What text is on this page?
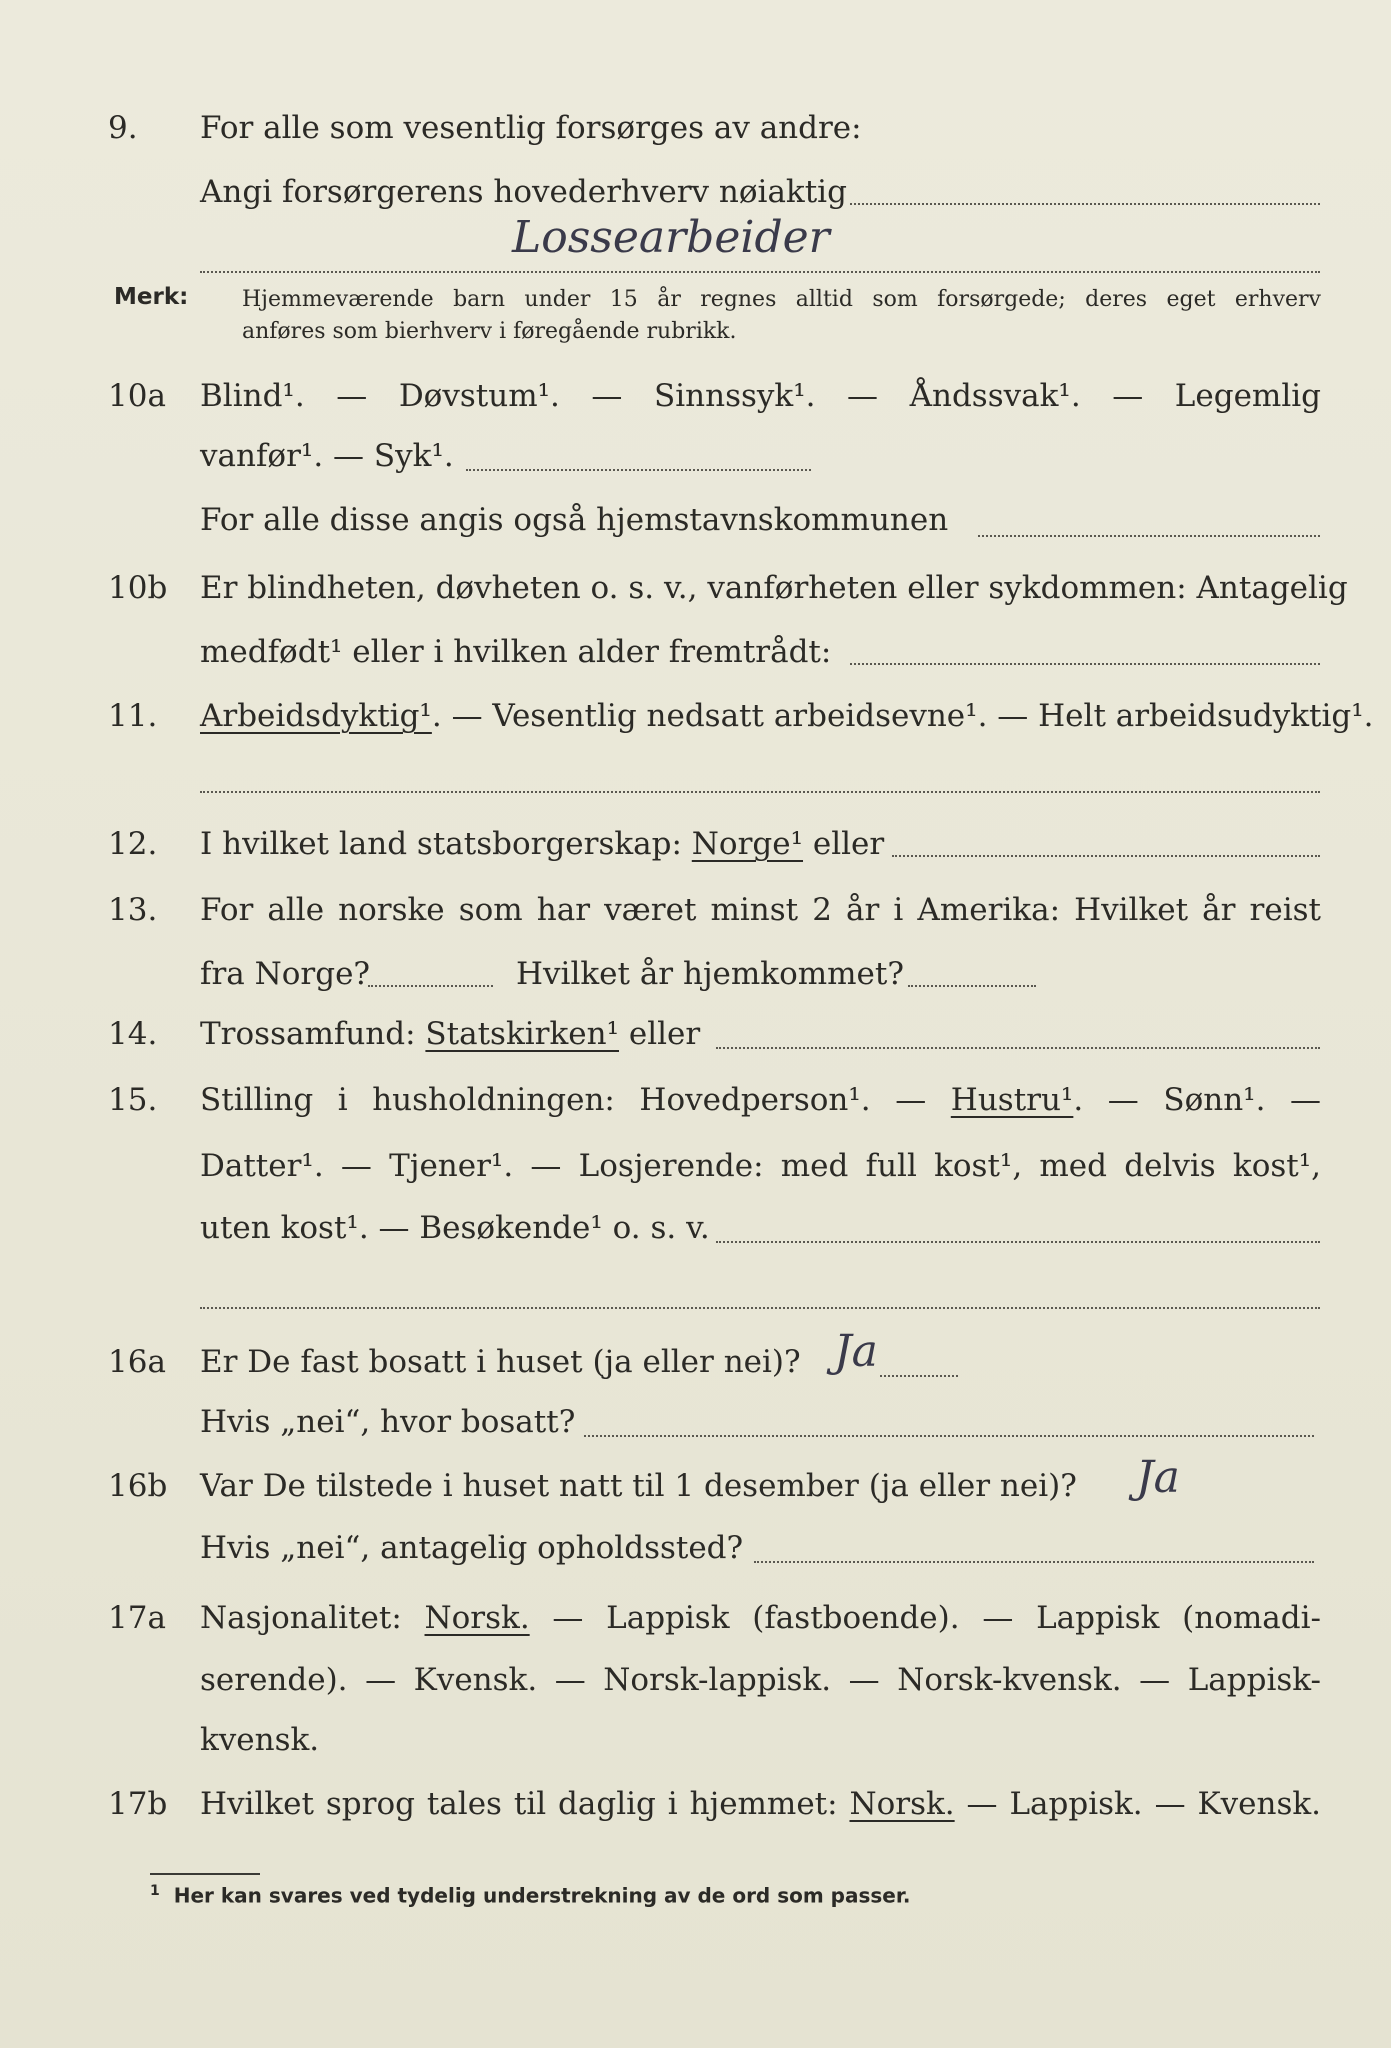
9.	For alle som vesentlig forsørges av andre:
Angi forsørgerens hovederhverv nøiaktig
Lossearbeider
Merk: Hjemmeværende barn under 15 år regnes alltid som forsørgede; deres eget erhverv
anføres som bierhverv i føregående rubrikk.
10a	Blind¹. — Døvstum¹. — Sinnssyk¹. — Åndssvak¹. — Legemlig
vanfør¹. — Syk¹.
For alle disse angis også hjemstavnskommunen
10b	Er blindheten, døvheten o. s. v., vanførheten eller sykdommen: Antagelig
medfødt¹ eller i hvilken alder fremtrådt:
11.	Arbeidsdyktig¹. — Vesentlig nedsatt arbeidsevne¹. — Helt arbeidsudyktig¹.
12.	I hvilket land statsborgerskap: Norge¹ eller
13.	For alle norske som har været minst 2 år i Amerika: Hvilket år reist
fra Norge?	Hvilket år hjemkommet?
14.	Trossamfund: Statskirken¹ eller
15.	Stilling i husholdningen: Hovedperson¹. — Hustru¹. — Sønn¹. —
Datter¹. — Tjener¹. — Losjerende: med full kost¹, med delvis kost¹,
uten kost¹. — Besøkende¹ o. s. v.
16a	Er De fast bosatt i huset (ja eller nei)? Ja
Hvis „nei“, hvor bosatt?
16b	Var De tilstede i huset natt til 1 desember (ja eller nei)? Ja
Hvis „nei“, antagelig opholdssted?
17a	Nasjonalitet: Norsk. — Lappisk (fastboende). — Lappisk (nomadi-
serende). — Kvensk. — Norsk-lappisk. — Norsk-kvensk. — Lappisk-
kvensk.
17b	Hvilket sprog tales til daglig i hjemmet: Norsk. — Lappisk. — Kvensk.
$^1$ Her kan svares ved tydelig understrekning av de ord som passer.
